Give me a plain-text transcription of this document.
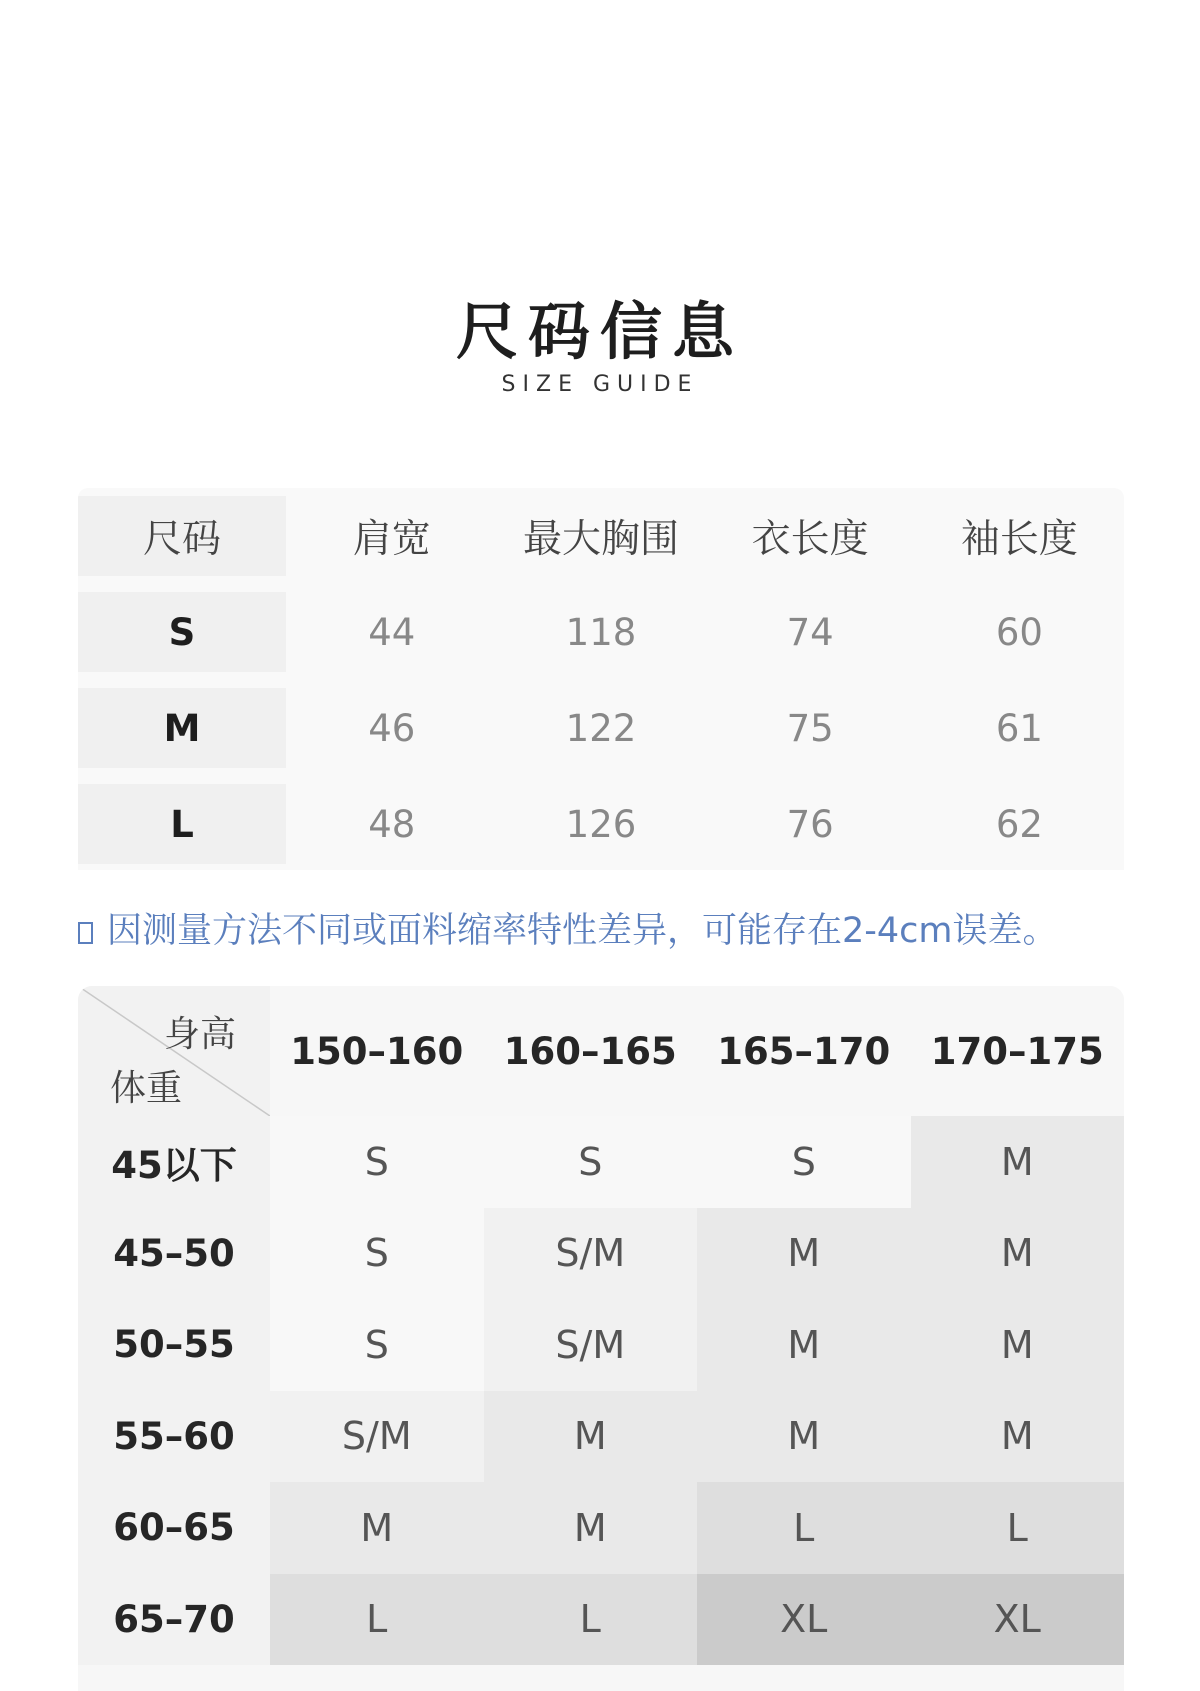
尺码信息
SIZE GUIDE
尺码	肩宽	最大胸围	衣长度	袖长度
S	44	118	74	60
M	46	122	75	61
L	48	126	76	62
因测量方法不同或面料缩率特性差异，可能存在2-4cm误差。
身高
体重
150–160	160–165	165–170	170–175
45以下	S	S	S	M
45–50	S	S/M	M	M
50–55	S	S/M	M	M
55–60	S/M	M	M	M
60–65	M	M	L	L
65–70	L	L	XL	XL
